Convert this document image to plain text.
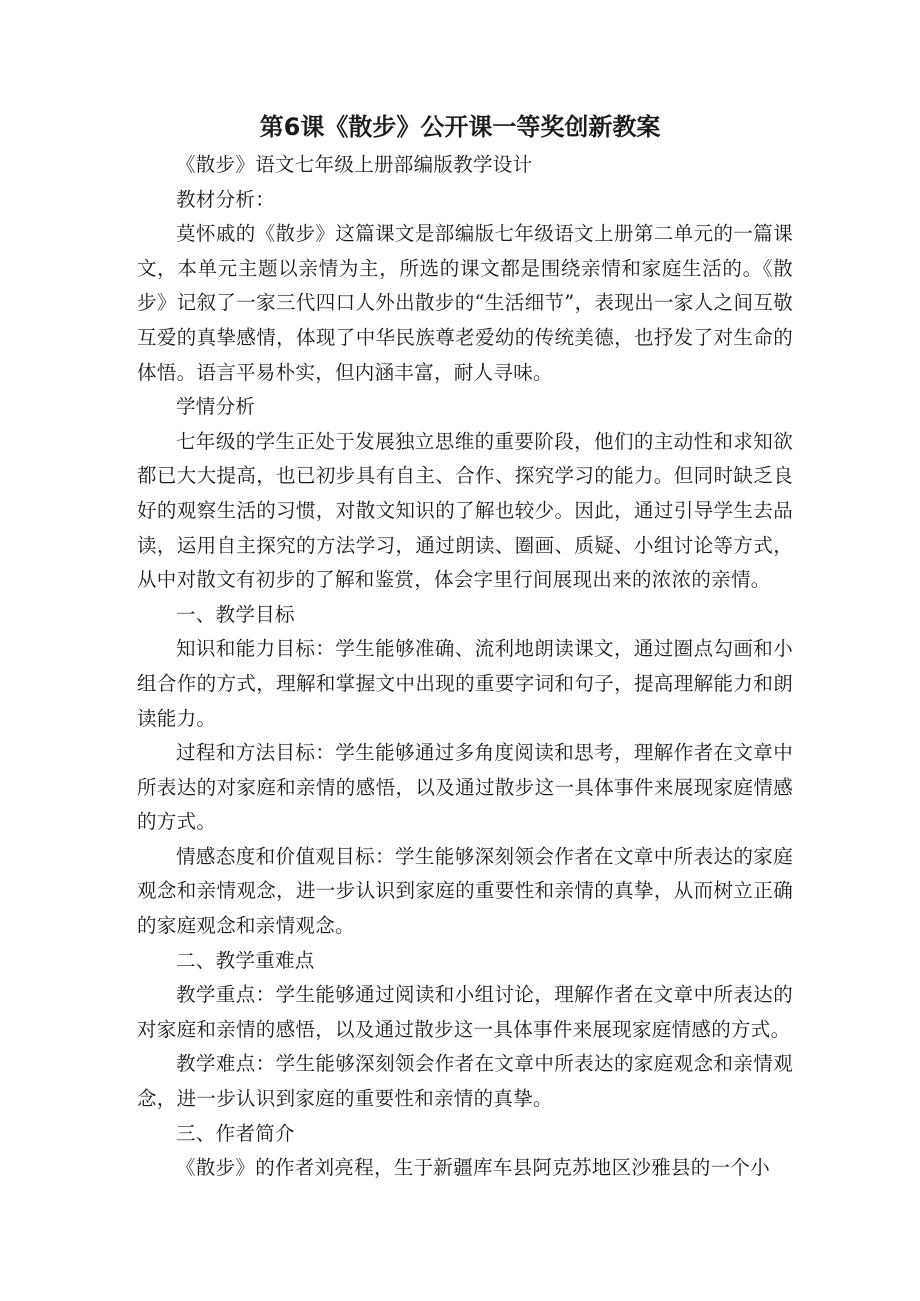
第6课《散步》公开课一等奖创新教案

《散步》语文七年级上册部编版教学设计

教材分析：

莫怀戚的《散步》这篇课文是部编版七年级语文上册第二单元的一篇课文，本单元主题以亲情为主，所选的课文都是围绕亲情和家庭生活的。《散步》记叙了一家三代四口人外出散步的“生活细节”，表现出一家人之间互敬互爱的真挚感情，体现了中华民族尊老爱幼的传统美德，也抒发了对生命的体悟。语言平易朴实，但内涵丰富，耐人寻味。

学情分析

七年级的学生正处于发展独立思维的重要阶段，他们的主动性和求知欲都已大大提高，也已初步具有自主、合作、探究学习的能力。但同时缺乏良好的观察生活的习惯，对散文知识的了解也较少。因此，通过引导学生去品读，运用自主探究的方法学习，通过朗读、圈画、质疑、小组讨论等方式，从中对散文有初步的了解和鉴赏，体会字里行间展现出来的浓浓的亲情。

一、教学目标

知识和能力目标：学生能够准确、流利地朗读课文，通过圈点勾画和小组合作的方式，理解和掌握文中出现的重要字词和句子，提高理解能力和朗读能力。

过程和方法目标：学生能够通过多角度阅读和思考，理解作者在文章中所表达的对家庭和亲情的感悟，以及通过散步这一具体事件来展现家庭情感的方式。

情感态度和价值观目标：学生能够深刻领会作者在文章中所表达的家庭观念和亲情观念，进一步认识到家庭的重要性和亲情的真挚，从而树立正确的家庭观念和亲情观念。

二、教学重难点

教学重点：学生能够通过阅读和小组讨论，理解作者在文章中所表达的对家庭和亲情的感悟，以及通过散步这一具体事件来展现家庭情感的方式。

教学难点：学生能够深刻领会作者在文章中所表达的家庭观念和亲情观念，进一步认识到家庭的重要性和亲情的真挚。

三、作者简介

《散步》的作者刘亮程，生于新疆库车县阿克苏地区沙雅县的一个小
